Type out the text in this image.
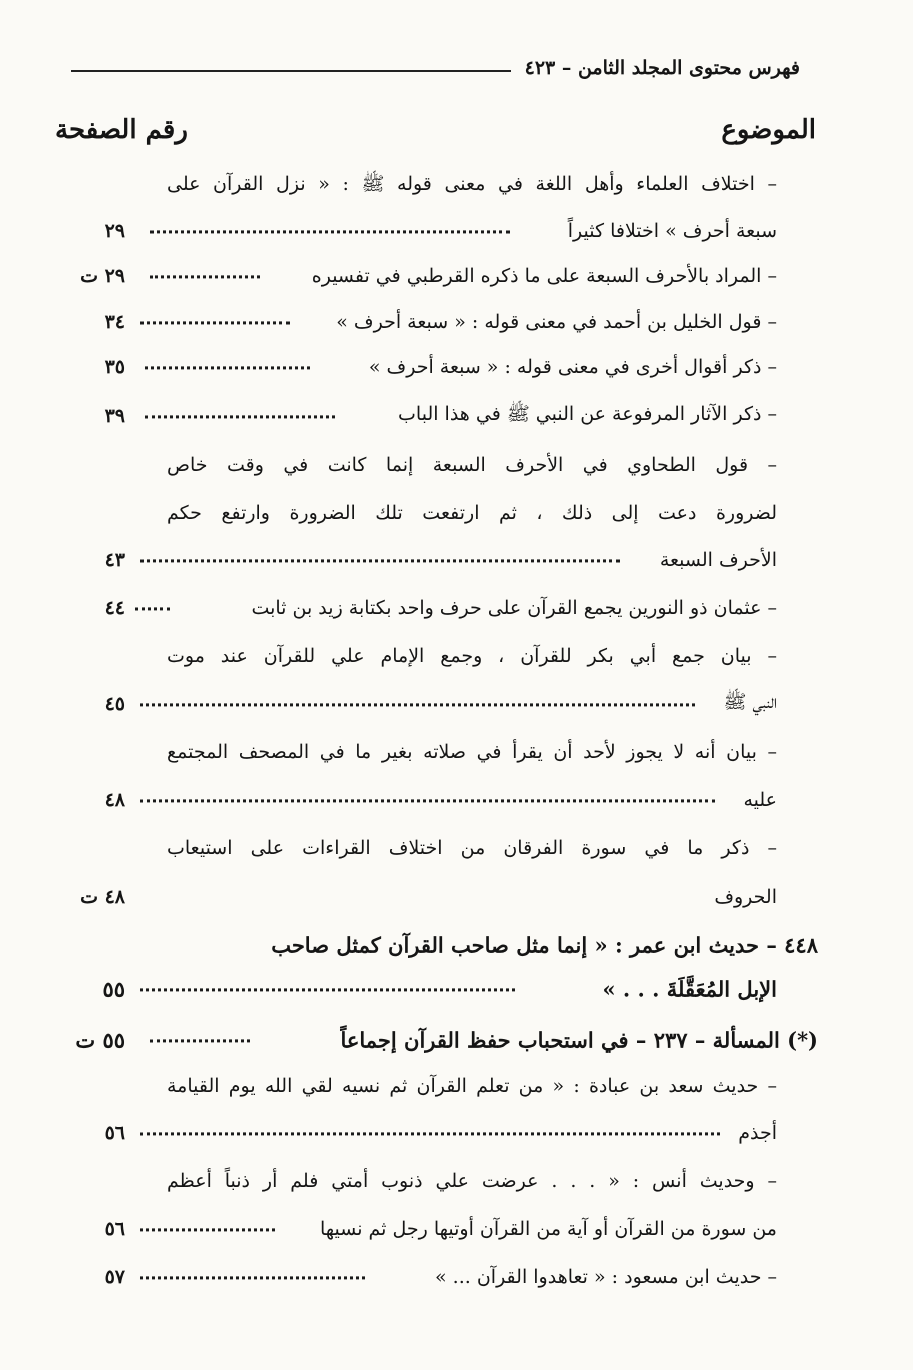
فهرس محتوى المجلد الثامن – ٤٢٣
الموضوع
رقم الصفحة
– اختلاف العلماء وأهل اللغة في معنى قوله ﷺ : « نزل القرآن على
سبعة أحرف » اختلافا كثيراً
٢٩
– المراد بالأحرف السبعة على ما ذكره القرطبي في تفسيره
٢٩ ت
– قول الخليل بن أحمد في معنى قوله : « سبعة أحرف »
٣٤
– ذكر أقوال أخرى في معنى قوله : « سبعة أحرف »
٣٥
– ذكر الآثار المرفوعة عن النبي ﷺ في هذا الباب
٣٩
– قول الطحاوي في الأحرف السبعة إنما كانت في وقت خاص
لضرورة دعت إلى ذلك ، ثم ارتفعت تلك الضرورة وارتفع حكم
الأحرف السبعة
٤٣
– عثمان ذو النورين يجمع القرآن على حرف واحد بكتابة زيد بن ثابت
٤٤
– بيان جمع أبي بكر للقرآن ، وجمع الإمام علي للقرآن عند موت
النبي ﷺ
٤٥
– بيان أنه لا يجوز لأحد أن يقرأ في صلاته بغير ما في المصحف المجتمع
عليه
٤٨
– ذكر ما في سورة الفرقان من اختلاف القراءات على استيعاب
الحروف
٤٨ ت
٤٤٨ – حديث ابن عمر : « إنما مثل صاحب القرآن كمثل صاحب
الإبل المُعَقَّلَةَ . . . »
٥٥
(*) المسألة – ٢٣٧ – في استحباب حفظ القرآن إجماعاً
٥٥ ت
– حديث سعد بن عبادة : « من تعلم القرآن ثم نسيه لقي الله يوم القيامة
أجذم
٥٦
– وحديث أنس : « . . . عرضت علي ذنوب أمتي فلم أر ذنباً أعظم
من سورة من القرآن أو آية من القرآن أوتيها رجل ثم نسيها
٥٦
– حديث ابن مسعود : « تعاهدوا القرآن ... »
٥٧
